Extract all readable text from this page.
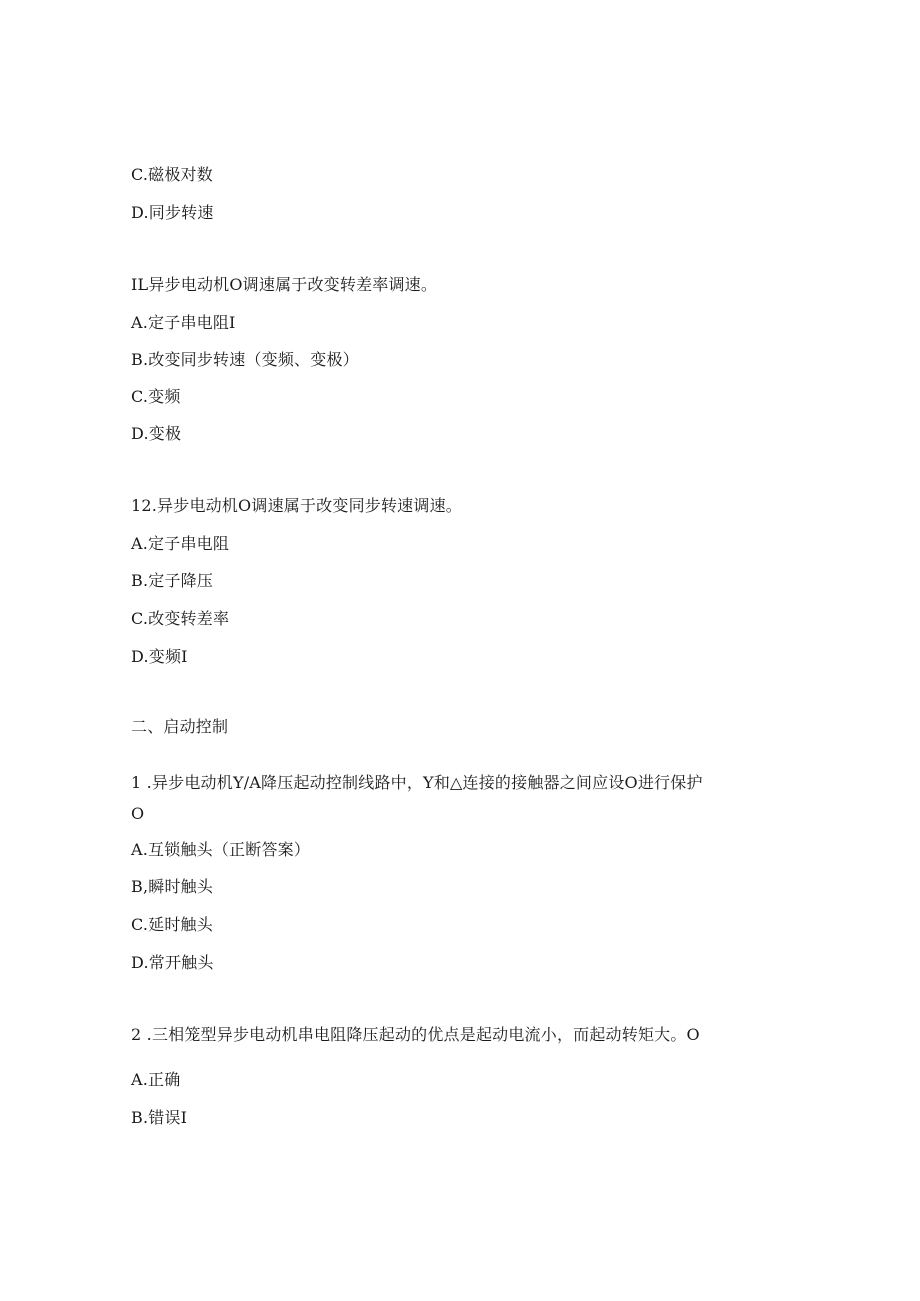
C.磁极对数
D.同步转速
IL异步电动机O调速属于改变转差率调速。
A.定子串电阻I
B.改变同步转速（变频、变极）
C.变频
D.变极
12.异步电动机O调速属于改变同步转速调速。
A.定子串电阻
B.定子降压
C.改变转差率
D.变频I
二、启动控制
1 .异步电动机Y/A降压起动控制线路中，Y和△连接的接触器之间应设O进行保护
O
A.互锁触头（正断答案）
B,瞬时触头
C.延时触头
D.常开触头
2 .三相笼型异步电动机串电阻降压起动的优点是起动电流小，而起动转矩大。O
A.正确
B.错误I
